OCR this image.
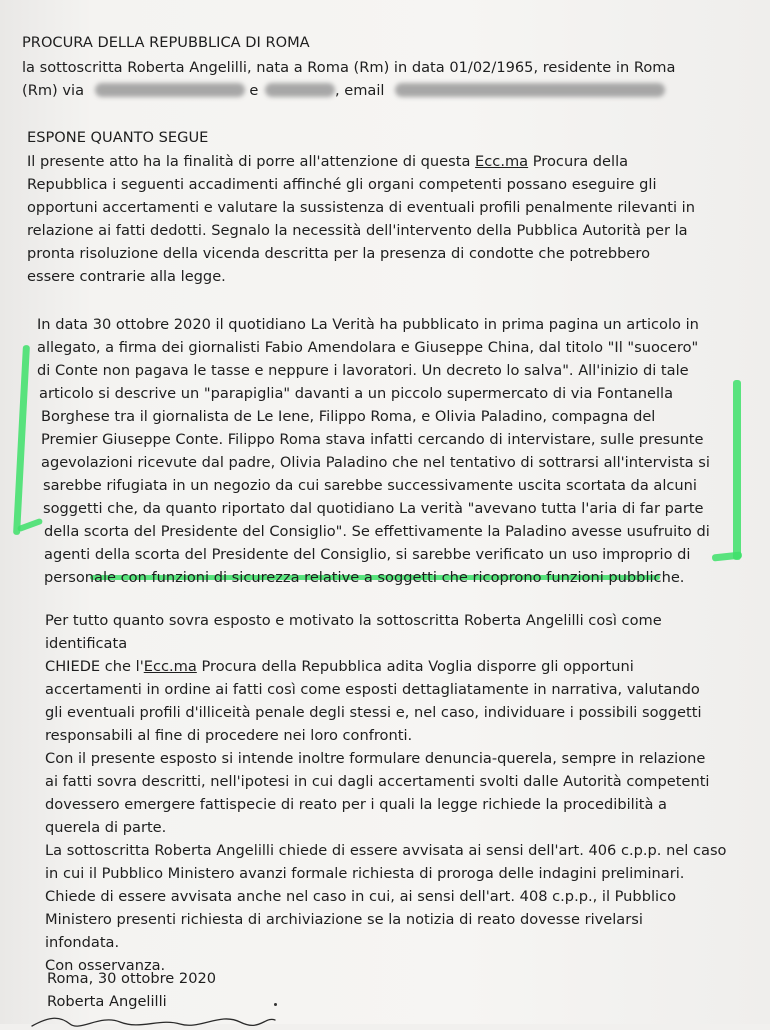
PROCURA DELLA REPUBBLICA DI ROMA

la sottoscritta Roberta Angelilli, nata a Roma (Rm) in data 01/02/1965, residente in Roma

(Rm) via	e	, email

ESPONE QUANTO SEGUE

Il presente atto ha la finalità di porre all'attenzione di questa Ecc.ma Procura della

Repubblica i seguenti accadimenti affinché gli organi competenti possano eseguire gli

opportuni accertamenti e valutare la sussistenza di eventuali profili penalmente rilevanti in

relazione ai fatti dedotti. Segnalo la necessità dell'intervento della Pubblica Autorità per la

pronta risoluzione della vicenda descritta per la presenza di condotte che potrebbero

essere contrarie alla legge.

In data 30 ottobre 2020 il quotidiano La Verità ha pubblicato in prima pagina un articolo in

allegato, a firma dei giornalisti Fabio Amendolara e Giuseppe China, dal titolo "Il "suocero"

di Conte non pagava le tasse e neppure i lavoratori. Un decreto lo salva". All'inizio di tale

articolo si descrive un "parapiglia" davanti a un piccolo supermercato di via Fontanella

Borghese tra il giornalista de Le Iene, Filippo Roma, e Olivia Paladino, compagna del

Premier Giuseppe Conte. Filippo Roma stava infatti cercando di intervistare, sulle presunte

agevolazioni ricevute dal padre, Olivia Paladino che nel tentativo di sottrarsi all'intervista si

sarebbe rifugiata in un negozio da cui sarebbe successivamente uscita scortata da alcuni

soggetti che, da quanto riportato dal quotidiano La verità "avevano tutta l'aria di far parte

della scorta del Presidente del Consiglio". Se effettivamente la Paladino avesse usufruito di

agenti della scorta del Presidente del Consiglio, si sarebbe verificato un uso improprio di

personale con funzioni di sicurezza relative a soggetti che ricoprono funzioni pubbliche.

Per tutto quanto sovra esposto e motivato la sottoscritta Roberta Angelilli così come

identificata

CHIEDE che l'Ecc.ma Procura della Repubblica adita Voglia disporre gli opportuni

accertamenti in ordine ai fatti così come esposti dettagliatamente in narrativa, valutando

gli eventuali profili d'illiceità penale degli stessi e, nel caso, individuare i possibili soggetti

responsabili al fine di procedere nei loro confronti.

Con il presente esposto si intende inoltre formulare denuncia-querela, sempre in relazione

ai fatti sovra descritti, nell'ipotesi in cui dagli accertamenti svolti dalle Autorità competenti

dovessero emergere fattispecie di reato per i quali la legge richiede la procedibilità a

querela di parte.

La sottoscritta Roberta Angelilli chiede di essere avvisata ai sensi dell'art. 406 c.p.p. nel caso

in cui il Pubblico Ministero avanzi formale richiesta di proroga delle indagini preliminari.

Chiede di essere avvisata anche nel caso in cui, ai sensi dell'art. 408 c.p.p., il Pubblico

Ministero presenti richiesta di archiviazione se la notizia di reato dovesse rivelarsi

infondata.

Con osservanza.

Roma, 30 ottobre 2020

Roberta Angelilli
